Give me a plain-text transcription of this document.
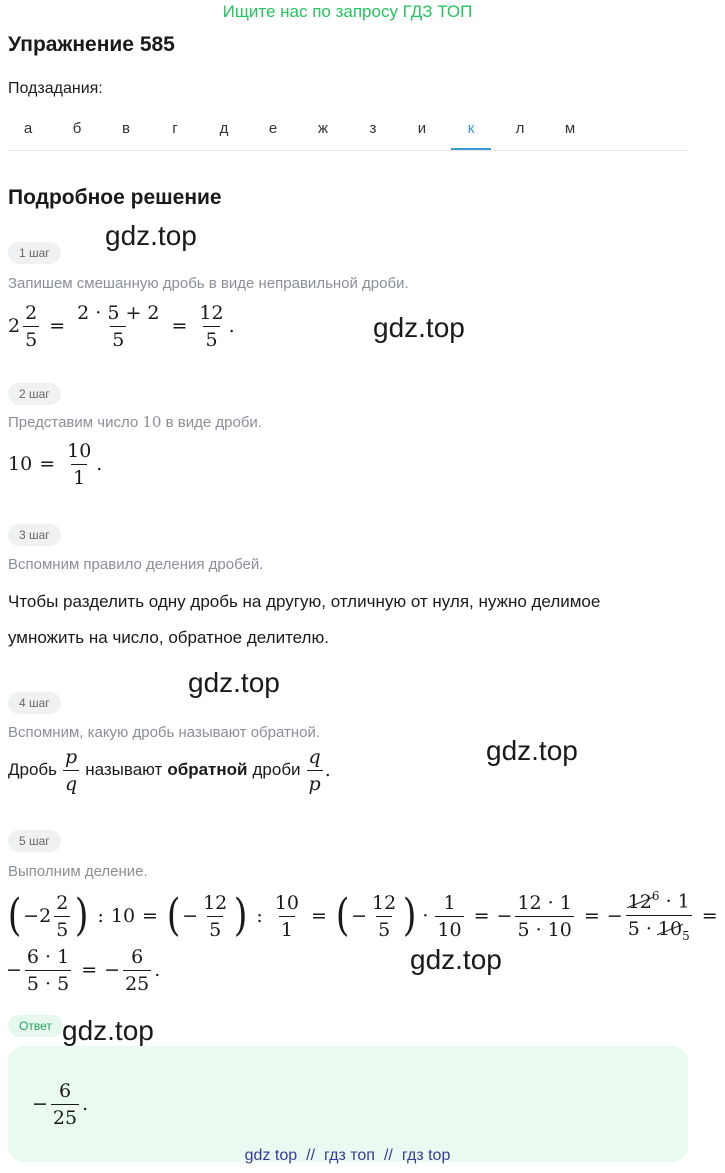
Ищите нас по запросу ГДЗ ТОП
Упражнение 585
Подзадания:
а	б	в	г	д	е	ж	з	и	к	л	м
Подробное решение
1 шаг
gdz.top
Запишем смешанную дробь в виде неправильной дроби.
$2 \frac{2}{5} = \frac{2 \cdot 5 + 2}{5} = \frac{12}{5}$ .	gdz.top
2 шаг
Представим число 10 в виде дроби.
$10 = \frac{10}{1}$ .
3 шаг
Вспомним правило деления дробей.
Чтобы разделить одну дробь на другую, отличную от нуля, нужно делимое
умножить на число, обратное делителю.
gdz.top
4 шаг
Вспомним, какую дробь называют обратной.
gdz.top
Дробь $\frac{p}{q}$ называют обратной дроби $\frac{q}{p}$ .
5 шаг
Выполним деление.
( − $2 \frac{2}{5}$ ) : 10 = ( − $\frac{12}{5}$ ) : $\frac{10}{1}$ = ( − $\frac{12}{5}$ ) · $\frac{1}{10}$ = − $\frac{12 \cdot 1}{5 \cdot 10}$ = − $\frac{12^6 \cdot 1}{5 \cdot 10_5}$ =
− $\frac{6 \cdot 1}{5 \cdot 5}$ = − $\frac{6}{25}$ .	gdz.top
Ответ gdz.top
− $\frac{6}{25}$ .
gdz top // гдз топ // гдз top
